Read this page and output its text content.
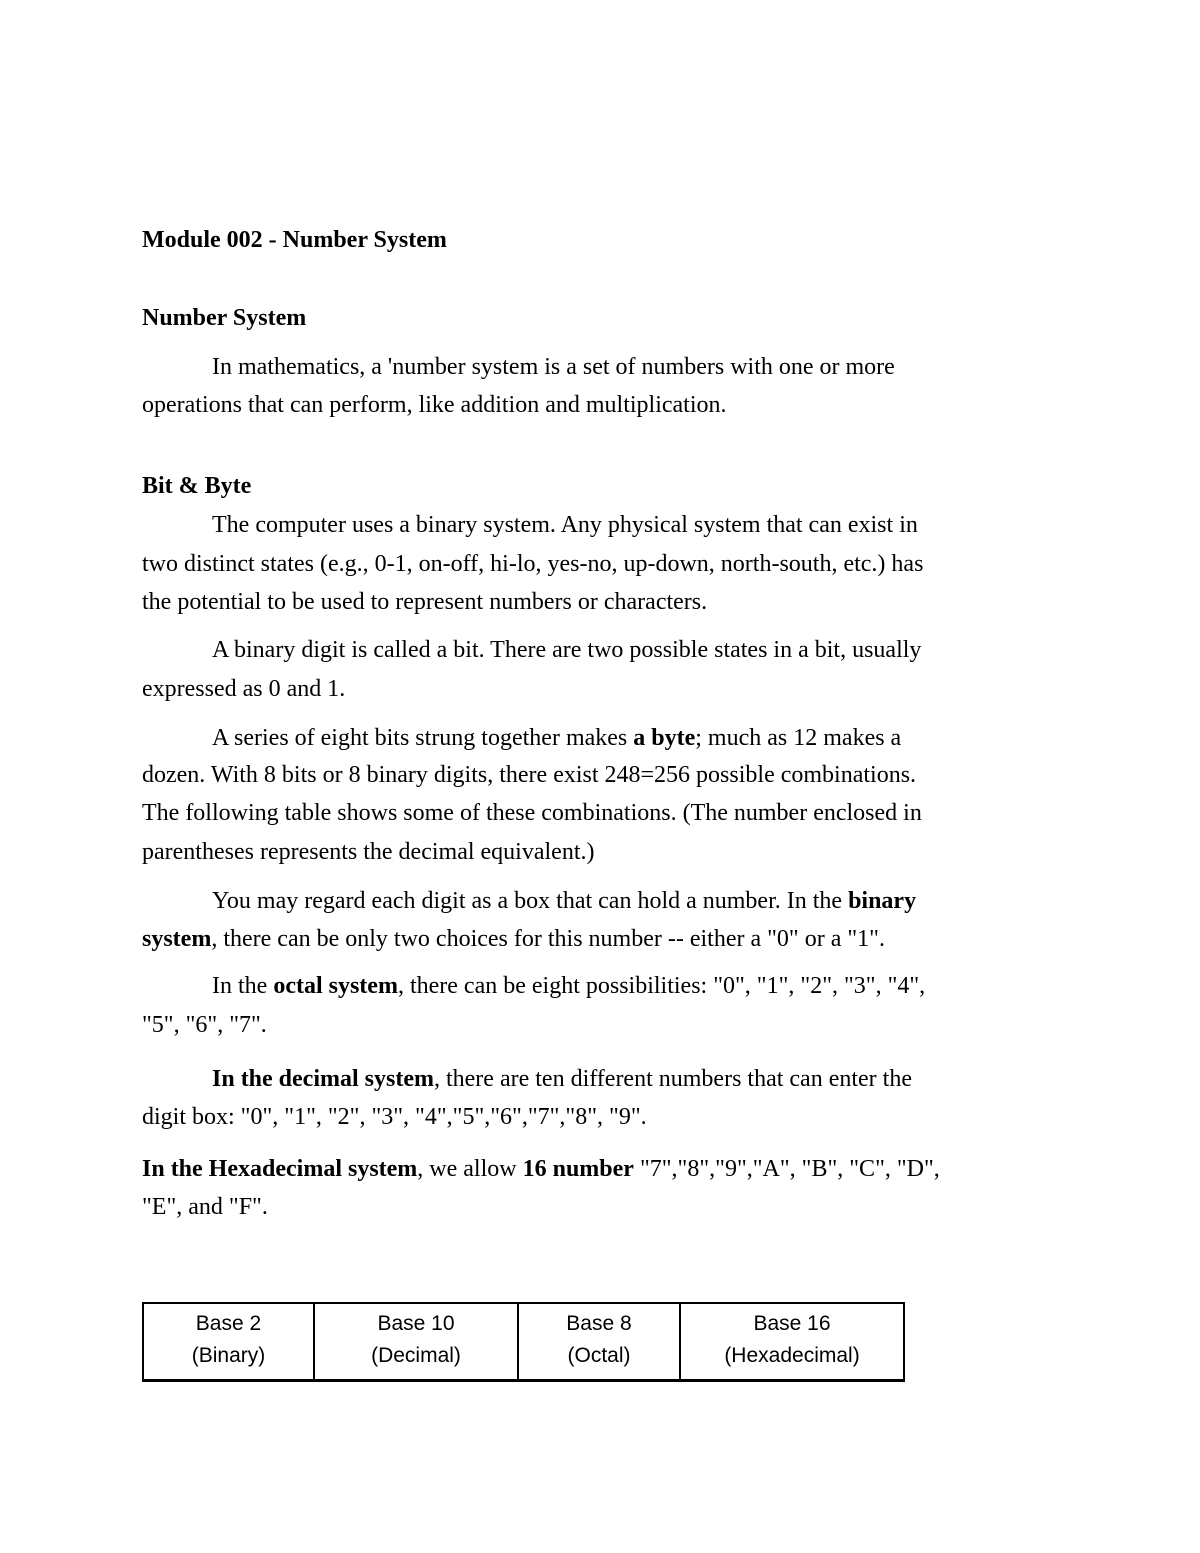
Module 002 - Number System
Number System
In mathematics, a 'number system is a set of numbers with one or more
operations that can perform, like addition and multiplication.
Bit & Byte
The computer uses a binary system. Any physical system that can exist in
two distinct states (e.g., 0-1, on-off, hi-lo, yes-no, up-down, north-south, etc.) has
the potential to be used to represent numbers or characters.
A binary digit is called a bit. There are two possible states in a bit, usually
expressed as 0 and 1.
A series of eight bits strung together makes a byte; much as 12 makes a
dozen. With 8 bits or 8 binary digits, there exist 248=256 possible combinations.
The following table shows some of these combinations. (The number enclosed in
parentheses represents the decimal equivalent.)
You may regard each digit as a box that can hold a number. In the binary
system, there can be only two choices for this number -- either a "0" or a "1".
In the octal system, there can be eight possibilities: "0", "1", "2", "3", "4",
"5", "6", "7".
In the decimal system, there are ten different numbers that can enter the
digit box: "0", "1", "2", "3", "4","5","6","7","8", "9".
In the Hexadecimal system, we allow 16 number "7","8","9","A", "B", "C", "D",
"E", and "F".
Base 2
(Binary)

Base 10
(Decimal)

Base 8
(Octal)

Base 16
(Hexadecimal)
